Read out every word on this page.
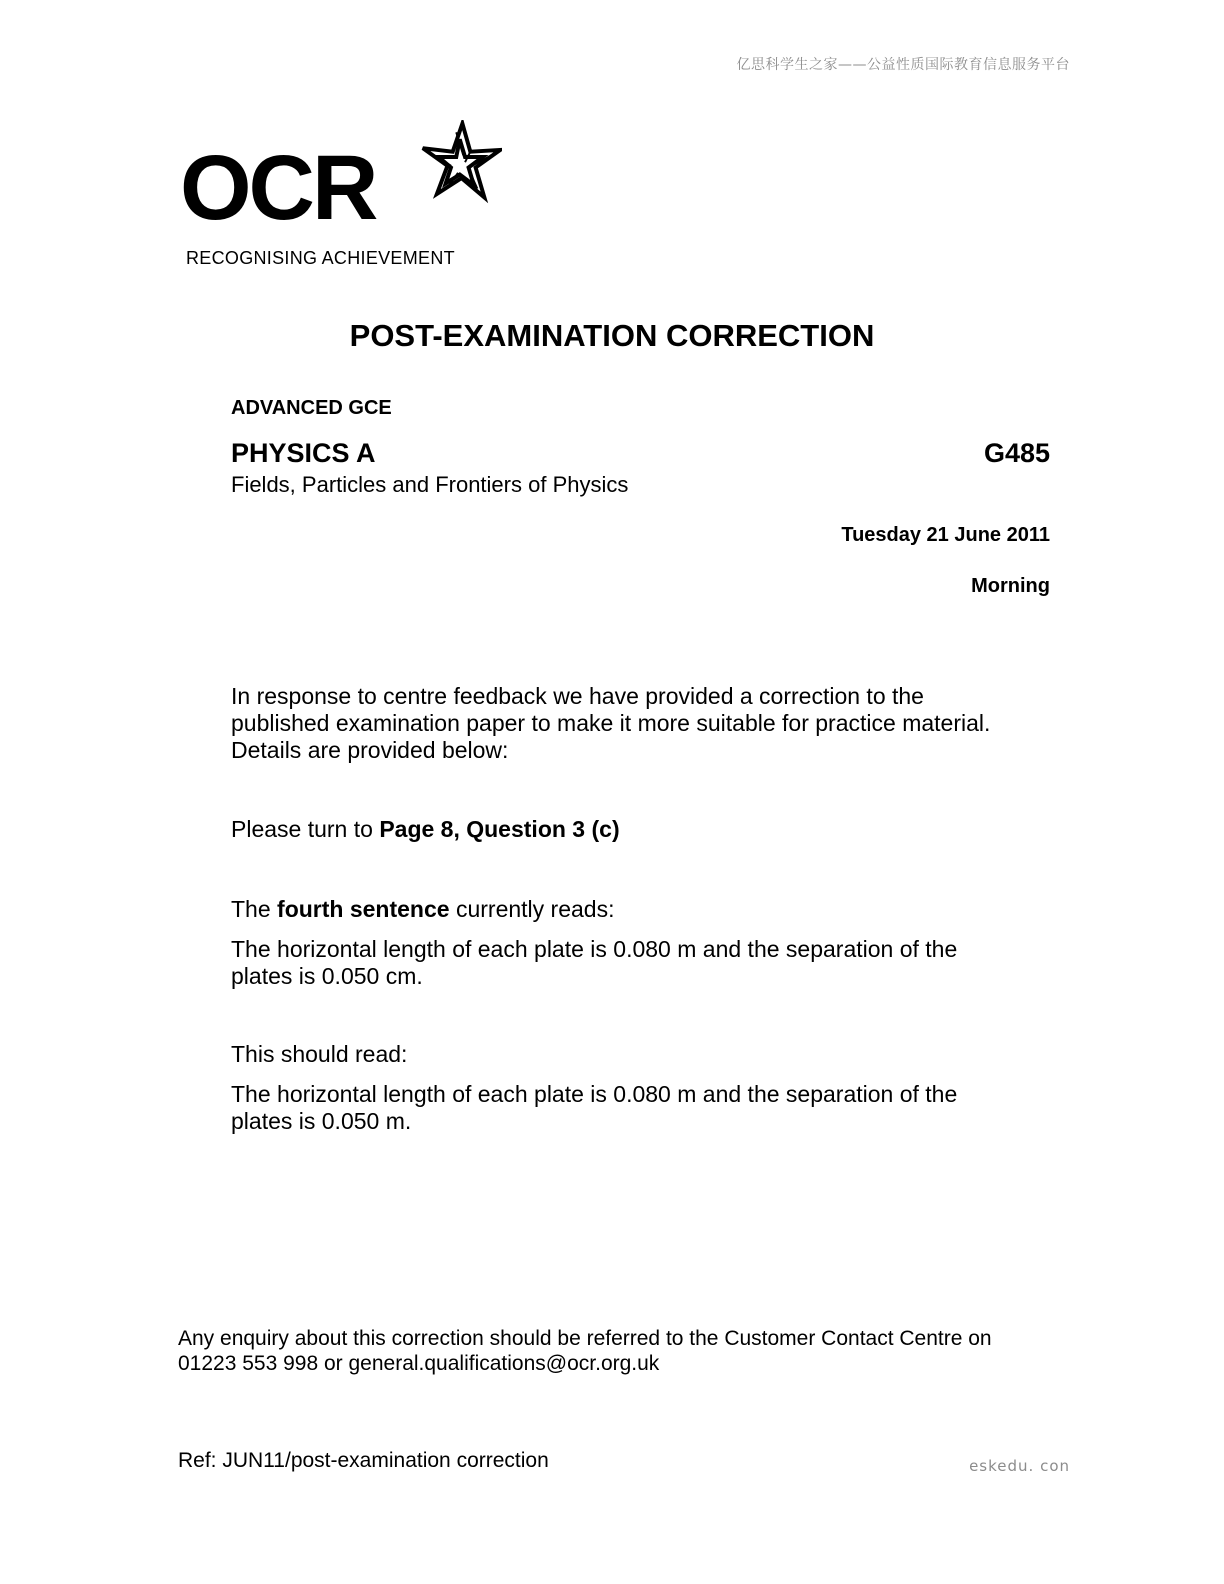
亿思科学生之家——公益性质国际教育信息服务平台
OCR
RECOGNISING ACHIEVEMENT
POST-EXAMINATION CORRECTION
ADVANCED GCE
PHYSICS A	G485
Fields, Particles and Frontiers of Physics
Tuesday 21 June 2011
Morning
In response to centre feedback we have provided a correction to the published examination paper to make it more suitable for practice material. Details are provided below:
Please turn to Page 8, Question 3 (c)
The fourth sentence currently reads:
The horizontal length of each plate is 0.080 m and the separation of the plates is 0.050 cm.
This should read:
The horizontal length of each plate is 0.080 m and the separation of the plates is 0.050 m.
Any enquiry about this correction should be referred to the Customer Contact Centre on 01223 553 998 or general.qualifications@ocr.org.uk
Ref: JUN11/post-examination correction	eskedu. con
